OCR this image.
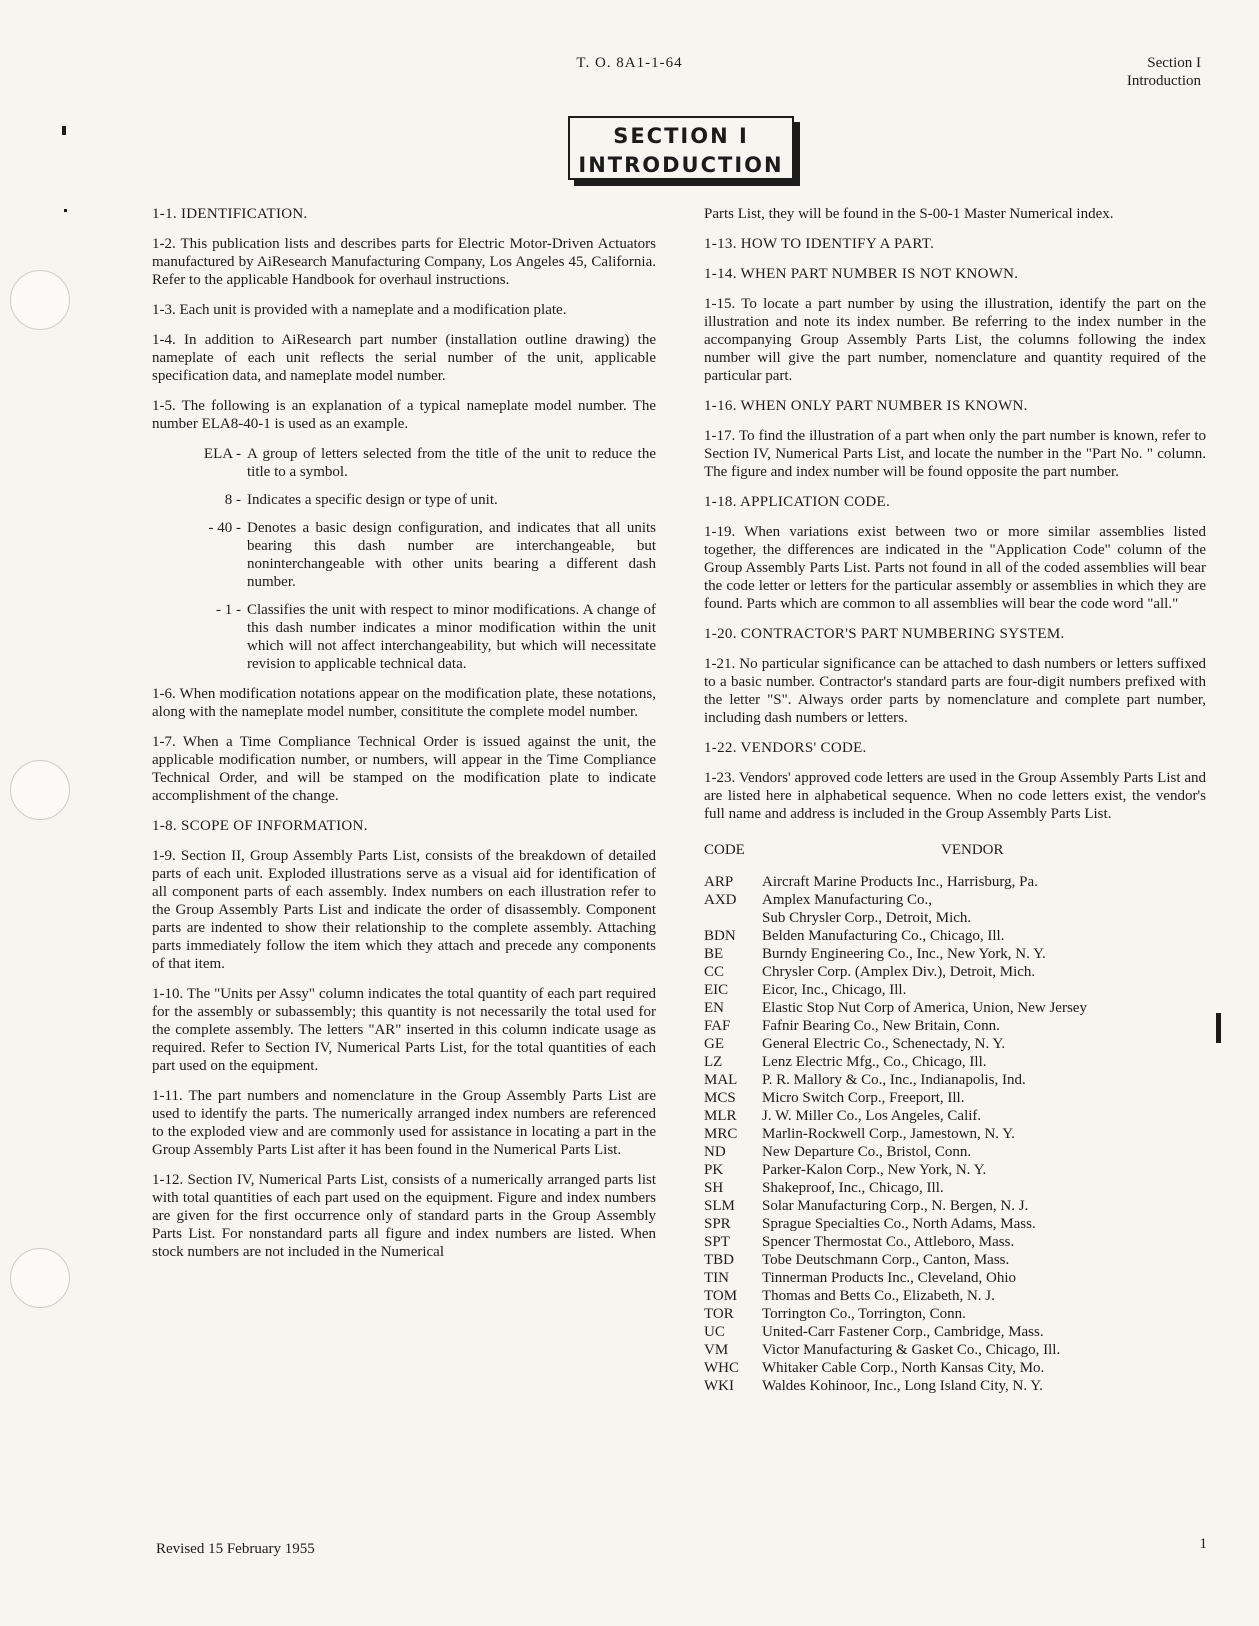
T. O. 8A1-1-64	Section I
Introduction
SECTION I
INTRODUCTION

1-1. IDENTIFICATION.

1-2. This publication lists and describes parts for Electric Motor-Driven Actuators manufactured by AiResearch Manufacturing Company, Los Angeles 45, California. Refer to the applicable Handbook for overhaul instructions.

1-3. Each unit is provided with a nameplate and a modification plate.

1-4. In addition to AiResearch part number (installation outline drawing) the nameplate of each unit reflects the serial number of the unit, applicable specification data, and nameplate model number.

1-5. The following is an explanation of a typical nameplate model number. The number ELA8-40-1 is used as an example.

ELA - A group of letters selected from the title of the unit to reduce the title to a symbol.
8 - Indicates a specific design or type of unit.
- 40 - Denotes a basic design configuration, and indicates that all units bearing this dash number are interchangeable, but noninterchangeable with other units bearing a different dash number.
- 1 - Classifies the unit with respect to minor modifications. A change of this dash number indicates a minor modification within the unit which will not affect interchangeability, but which will necessitate revision to applicable technical data.

1-6. When modification notations appear on the modification plate, these notations, along with the nameplate model number, consititute the complete model number.

1-7. When a Time Compliance Technical Order is issued against the unit, the applicable modification number, or numbers, will appear in the Time Compliance Technical Order, and will be stamped on the modification plate to indicate accomplishment of the change.

1-8. SCOPE OF INFORMATION.

1-9. Section II, Group Assembly Parts List, consists of the breakdown of detailed parts of each unit. Exploded illustrations serve as a visual aid for identification of all component parts of each assembly. Index numbers on each illustration refer to the Group Assembly Parts List and indicate the order of disassembly. Component parts are indented to show their relationship to the complete assembly. Attaching parts immediately follow the item which they attach and precede any components of that item.

1-10. The "Units per Assy" column indicates the total quantity of each part required for the assembly or subassembly; this quantity is not necessarily the total used for the complete assembly. The letters "AR" inserted in this column indicate usage as required. Refer to Section IV, Numerical Parts List, for the total quantities of each part used on the equipment.

1-11. The part numbers and nomenclature in the Group Assembly Parts List are used to identify the parts. The numerically arranged index numbers are referenced to the exploded view and are commonly used for assistance in locating a part in the Group Assembly Parts List after it has been found in the Numerical Parts List.

1-12. Section IV, Numerical Parts List, consists of a numerically arranged parts list with total quantities of each part used on the equipment. Figure and index numbers are given for the first occurrence only of standard parts in the Group Assembly Parts List. For nonstandard parts all figure and index numbers are listed. When stock numbers are not included in the Numerical

Parts List, they will be found in the S-00-1 Master Numerical index.

1-13. HOW TO IDENTIFY A PART.

1-14. WHEN PART NUMBER IS NOT KNOWN.

1-15. To locate a part number by using the illustration, identify the part on the illustration and note its index number. Be referring to the index number in the accompanying Group Assembly Parts List, the columns following the index number will give the part number, nomenclature and quantity required of the particular part.

1-16. WHEN ONLY PART NUMBER IS KNOWN.

1-17. To find the illustration of a part when only the part number is known, refer to Section IV, Numerical Parts List, and locate the number in the "Part No. " column. The figure and index number will be found opposite the part number.

1-18. APPLICATION CODE.

1-19. When variations exist between two or more similar assemblies listed together, the differences are indicated in the "Application Code" column of the Group Assembly Parts List. Parts not found in all of the coded assemblies will bear the code letter or letters for the particular assembly or assemblies in which they are found. Parts which are common to all assemblies will bear the code word "all."

1-20. CONTRACTOR'S PART NUMBERING SYSTEM.

1-21. No particular significance can be attached to dash numbers or letters suffixed to a basic number. Contractor's standard parts are four-digit numbers prefixed with the letter "S". Always order parts by nomenclature and complete part number, including dash numbers or letters.

1-22. VENDORS' CODE.

1-23. Vendors' approved code letters are used in the Group Assembly Parts List and are listed here in alphabetical sequence. When no code letters exist, the vendor's full name and address is included in the Group Assembly Parts List.

CODE	VENDOR
ARP	Aircraft Marine Products Inc., Harrisburg, Pa.
AXD	Amplex Manufacturing Co.,
Sub Chrysler Corp., Detroit, Mich.
BDN	Belden Manufacturing Co., Chicago, Ill.
BE	Burndy Engineering Co., Inc., New York, N. Y.
CC	Chrysler Corp. (Amplex Div.), Detroit, Mich.
EIC	Eicor, Inc., Chicago, Ill.
EN	Elastic Stop Nut Corp of America, Union, New Jersey
FAF	Fafnir Bearing Co., New Britain, Conn.
GE	General Electric Co., Schenectady, N. Y.
LZ	Lenz Electric Mfg., Co., Chicago, Ill.
MAL	P. R. Mallory & Co., Inc., Indianapolis, Ind.
MCS	Micro Switch Corp., Freeport, Ill.
MLR	J. W. Miller Co., Los Angeles, Calif.
MRC	Marlin-Rockwell Corp., Jamestown, N. Y.
ND	New Departure Co., Bristol, Conn.
PK	Parker-Kalon Corp., New York, N. Y.
SH	Shakeproof, Inc., Chicago, Ill.
SLM	Solar Manufacturing Corp., N. Bergen, N. J.
SPR	Sprague Specialties Co., North Adams, Mass.
SPT	Spencer Thermostat Co., Attleboro, Mass.
TBD	Tobe Deutschmann Corp., Canton, Mass.
TIN	Tinnerman Products Inc., Cleveland, Ohio
TOM	Thomas and Betts Co., Elizabeth, N. J.
TOR	Torrington Co., Torrington, Conn.
UC	United-Carr Fastener Corp., Cambridge, Mass.
VM	Victor Manufacturing & Gasket Co., Chicago, Ill.
WHC	Whitaker Cable Corp., North Kansas City, Mo.
WKI	Waldes Kohinoor, Inc., Long Island City, N. Y.
Revised 15 February 1955	1
